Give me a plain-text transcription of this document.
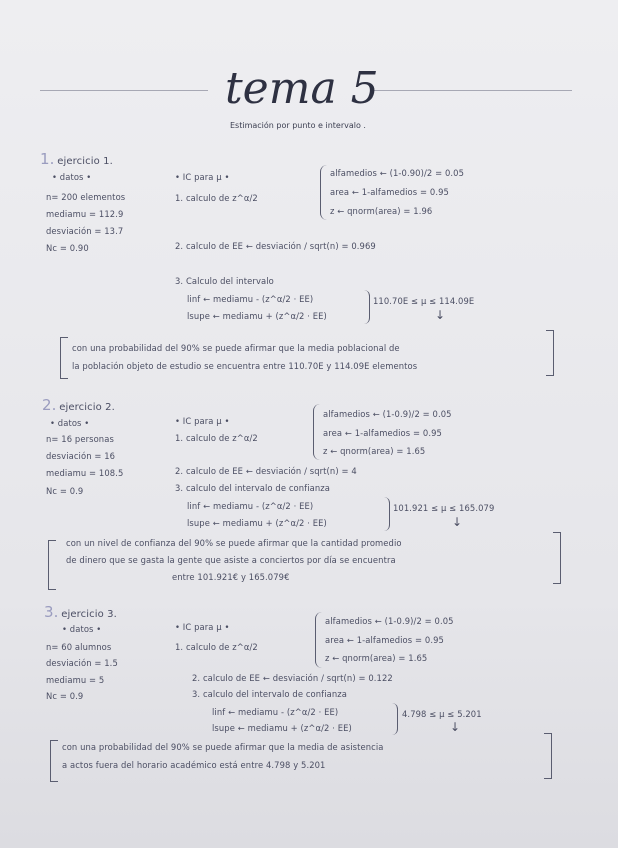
tema 5
Estimación por punto e intervalo .
1. ejercicio 1.
• datos •
n= 200 elementos
mediamu = 112.9
desviación = 13.7
Nc = 0.90
• IC para μ •
1. calculo de z^α/2
alfamedios ← (1-0.90)/2 = 0.05
area ← 1-alfamedios = 0.95
z ← qnorm(area) = 1.96
2. calculo de EE ← desviación / sqrt(n) = 0.969
3. Calculo del intervalo
linf ← mediamu - (z^α/2 · EE)
lsupe ← mediamu + (z^α/2 · EE)
110.70E ≤ μ ≤ 114.09E
↓
con una probabilidad del 90% se puede afirmar que la media poblacional de
la población objeto de estudio se encuentra entre 110.70E y 114.09E elementos
2. ejercicio 2.
• datos •
n= 16 personas
desviación = 16
mediamu = 108.5
Nc = 0.9
• IC para μ •
1. calculo de z^α/2
alfamedios ← (1-0.9)/2 = 0.05
area ← 1-alfamedios = 0.95
z ← qnorm(area) = 1.65
2. calculo de EE ← desviación / sqrt(n) = 4
3. calculo del intervalo de confianza
linf ← mediamu - (z^α/2 · EE)
lsupe ← mediamu + (z^α/2 · EE)
101.921 ≤ μ ≤ 165.079
↓
con un nivel de confianza del 90% se puede afirmar que la cantidad promedio
de dinero que se gasta la gente que asiste a conciertos por día se encuentra
entre 101.921€ y 165.079€
3. ejercicio 3.
• datos •
n= 60 alumnos
desviación = 1.5
mediamu = 5
Nc = 0.9
• IC para μ •
1. calculo de z^α/2
alfamedios ← (1-0.9)/2 = 0.05
area ← 1-alfamedios = 0.95
z ← qnorm(area) = 1.65
2. calculo de EE ← desviación / sqrt(n) = 0.122
3. calculo del intervalo de confianza
linf ← mediamu - (z^α/2 · EE)
lsupe ← mediamu + (z^α/2 · EE)
4.798 ≤ μ ≤ 5.201
↓
con una probabilidad del 90% se puede afirmar que la media de asistencia
a actos fuera del horario académico está entre 4.798 y 5.201
